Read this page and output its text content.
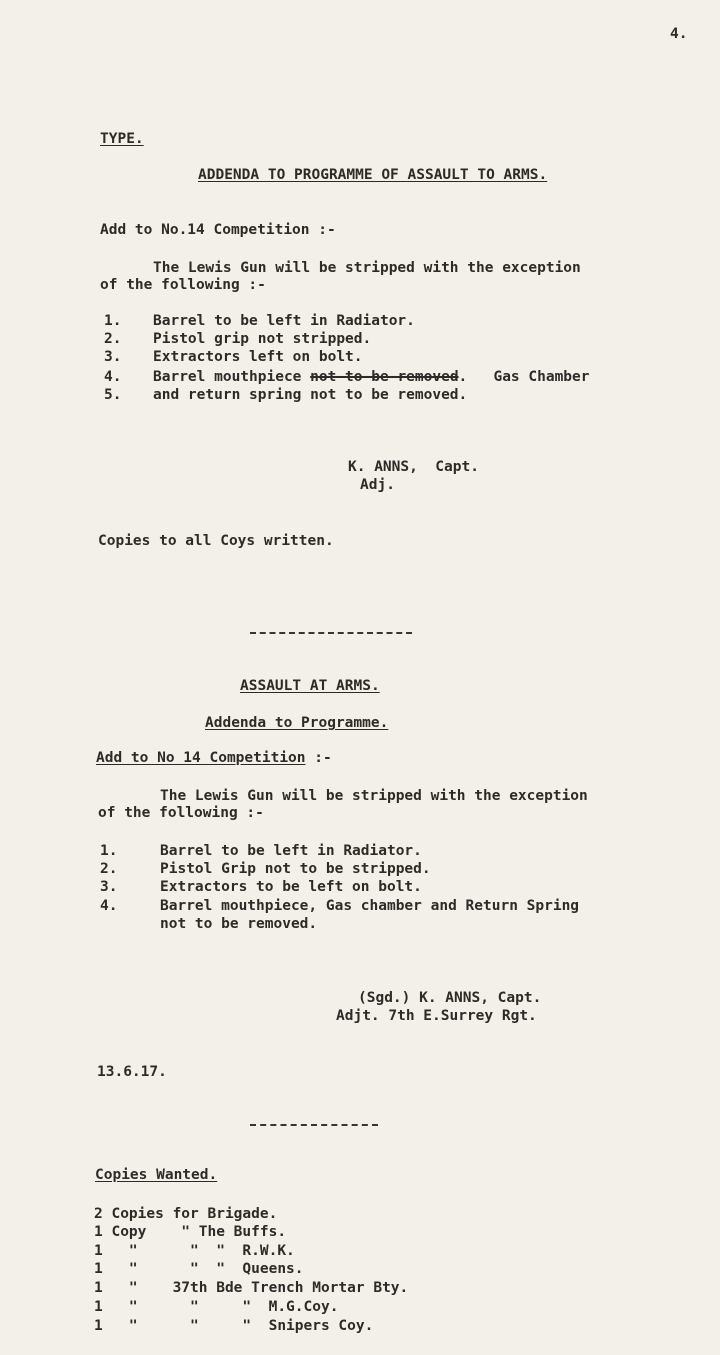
4.
TYPE.
ADDENDA TO PROGRAMME OF ASSAULT TO ARMS.
Add to No.14 Competition :-
The Lewis Gun will be stripped with the exception
of the following :-
1. Barrel to be left in Radiator.
2. Pistol grip not stripped.
3. Extractors left on bolt.
4. Barrel mouthpiece not-to-be-removed.   Gas Chamber
5. and return spring not to be removed.
K. ANNS,  Capt.
Adj.
Copies to all Coys written.
ASSAULT AT ARMS.
Addenda to Programme.
Add to No 14 Competition :-
The Lewis Gun will be stripped with the exception
of the following :-
1.	Barrel to be left in Radiator.
2.	Pistol Grip not to be stripped.
3.	Extractors to be left on bolt.
4.	Barrel mouthpiece, Gas chamber and Return Spring
not to be removed.
(Sgd.) K. ANNS, Capt.
Adjt. 7th E.Surrey Rgt.
13.6.17.
Copies Wanted.
2 Copies for Brigade.
1 Copy    " The Buffs.
1   "      "  "  R.W.K.
1   "      "  "  Queens.
1   "    37th Bde Trench Mortar Bty.
1   "      "     "  M.G.Coy.
1   "      "     "  Snipers Coy.
